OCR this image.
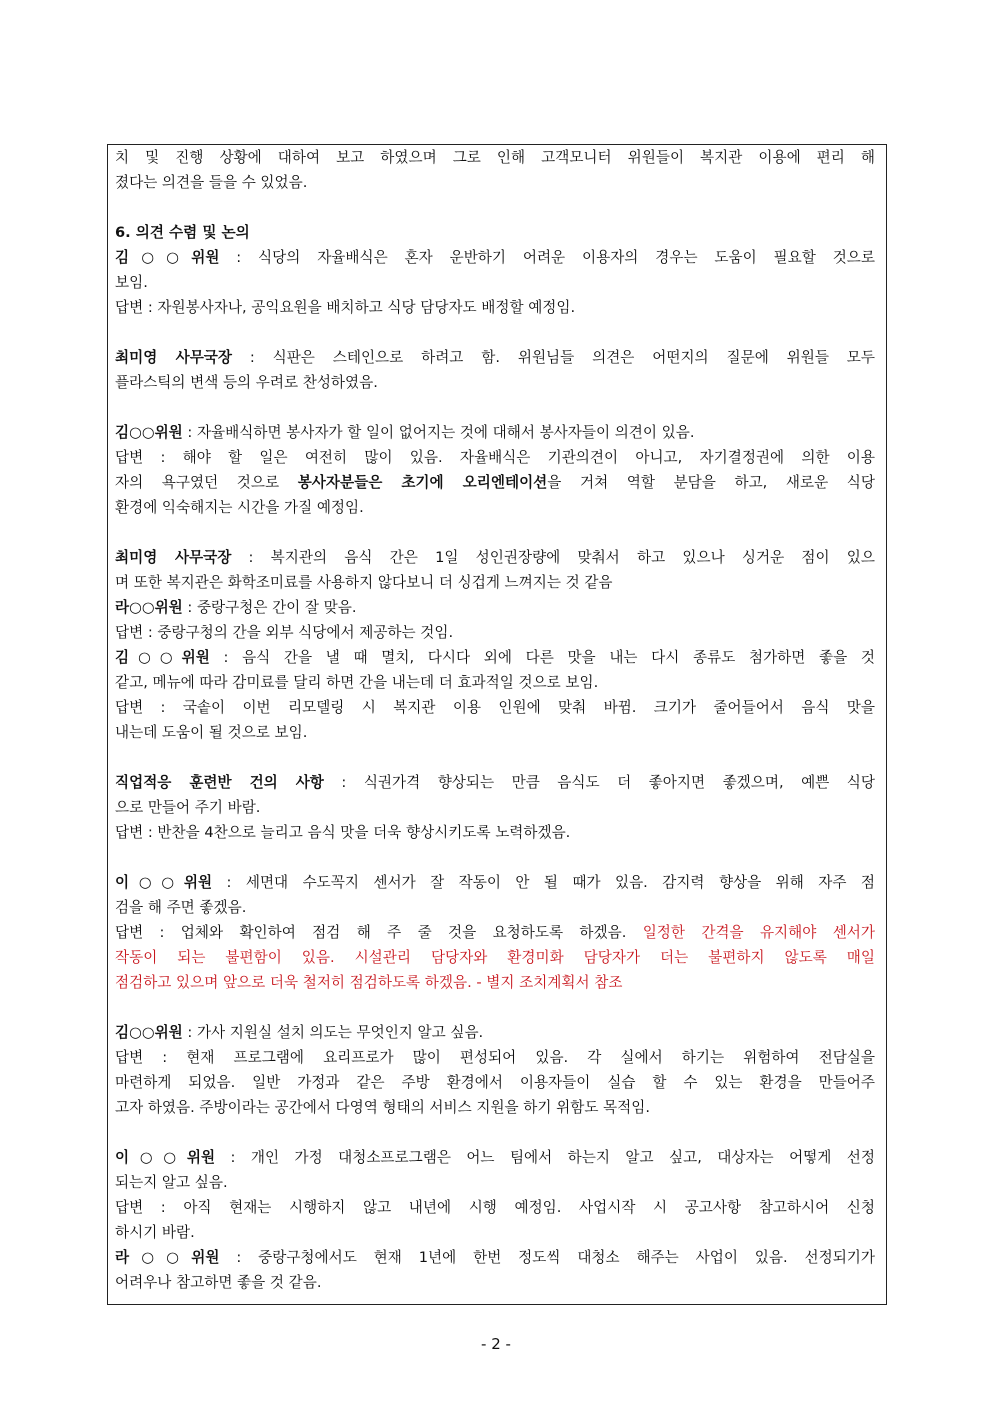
치 및 진행 상황에 대하여 보고 하였으며 그로 인해 고객모니터 위원들이 복지관 이용에 편리 해
졌다는 의견을 들을 수 있었음.
6. 의견 수렴 및 논의
김○○위원 : 식당의 자율배식은 혼자 운반하기 어려운 이용자의 경우는 도움이 필요할 것으로
보임.
답변 : 자원봉사자나, 공익요원을 배치하고 식당 담당자도 배정할 예정임.
최미영 사무국장 : 식판은 스테인으로 하려고 함. 위원님들 의견은 어떤지의 질문에 위원들 모두
플라스틱의 변색 등의 우려로 찬성하였음.
김○○위원 : 자율배식하면 봉사자가 할 일이 없어지는 것에 대해서 봉사자들이 의견이 있음.
답변 : 해야 할 일은 여전히 많이 있음. 자율배식은 기관의견이 아니고, 자기결정권에 의한 이용
자의 욕구였던 것으로 봉사자분들은 초기에 오리엔테이션을 거쳐 역할 분담을 하고, 새로운 식당
환경에 익숙해지는 시간을 가질 예정임.
최미영 사무국장 : 복지관의 음식 간은 1일 성인권장량에 맞춰서 하고 있으나 싱거운 점이 있으
며 또한 복지관은 화학조미료를 사용하지 않다보니 더 싱겁게 느껴지는 것 같음
라○○위원 : 중랑구청은 간이 잘 맞음.
답변 : 중랑구청의 간을 외부 식당에서 제공하는 것임.
김○○위원 : 음식 간을 낼 때 멸치, 다시다 외에 다른 맛을 내는 다시 종류도 첨가하면 좋을 것
같고, 메뉴에 따라 감미료를 달리 하면 간을 내는데 더 효과적일 것으로 보임.
답변 : 국솥이 이번 리모델링 시 복지관 이용 인원에 맞춰 바뀜. 크기가 줄어들어서 음식 맛을
내는데 도움이 될 것으로 보임.
직업적응 훈련반 건의 사항 : 식권가격 향상되는 만큼 음식도 더 좋아지면 좋겠으며, 예쁜 식당
으로 만들어 주기 바람.
답변 : 반찬을 4찬으로 늘리고 음식 맛을 더욱 향상시키도록 노력하겠음.
이○○위원 : 세면대 수도꼭지 센서가 잘 작동이 안 될 때가 있음. 감지력 향상을 위해 자주 점
검을 해 주면 좋겠음.
답변 : 업체와 확인하여 점검 해 주 줄 것을 요청하도록 하겠음. 일정한 간격을 유지해야 센서가
작동이 되는 불편함이 있음. 시설관리 담당자와 환경미화 담당자가 더는 불편하지 않도록 매일
점검하고 있으며 앞으로 더욱 철저히 점검하도록 하겠음. - 별지 조치계획서 참조
김○○위원 : 가사 지원실 설치 의도는 무엇인지 알고 싶음.
답변 : 현재 프로그램에 요리프로가 많이 편성되어 있음. 각 실에서 하기는 위험하여 전담실을
마련하게 되었음. 일반 가정과 같은 주방 환경에서 이용자들이 실습 할 수 있는 환경을 만들어주
고자 하였음. 주방이라는 공간에서 다영역 형태의 서비스 지원을 하기 위함도 목적임.
이○○위원 : 개인 가정 대청소프로그램은 어느 팀에서 하는지 알고 싶고, 대상자는 어떻게 선정
되는지 알고 싶음.
답변 : 아직 현재는 시행하지 않고 내년에 시행 예정임. 사업시작 시 공고사항 참고하시어 신청
하시기 바람.
라○○위원 : 중랑구청에서도 현재 1년에 한번 정도씩 대청소 해주는 사업이 있음. 선정되기가
어려우나 참고하면 좋을 것 같음.
- 2 -
